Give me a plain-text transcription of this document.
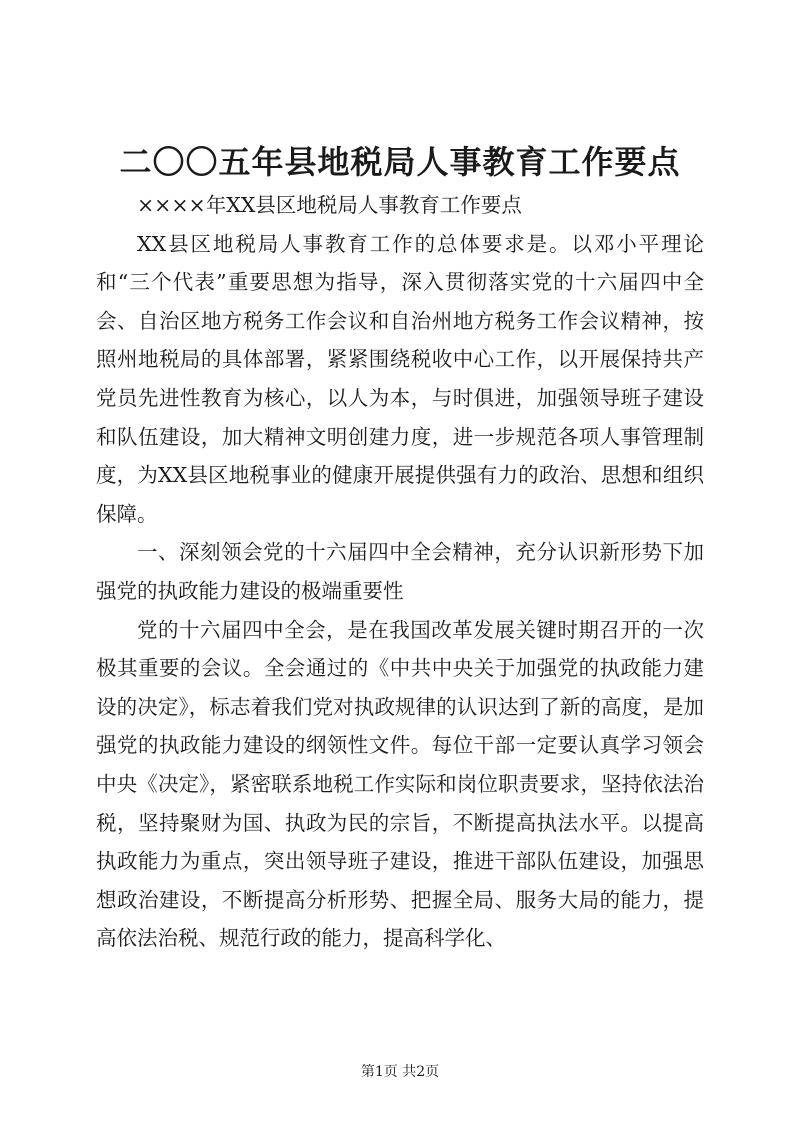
二〇〇五年县地税局人事教育工作要点

××××年XX县区地税局人事教育工作要点

XX县区地税局人事教育工作的总体要求是。以邓小平理论和“三个代表”重要思想为指导，深入贯彻落实党的十六届四中全会、自治区地方税务工作会议和自治州地方税务工作会议精神，按照州地税局的具体部署，紧紧围绕税收中心工作，以开展保持共产党员先进性教育为核心，以人为本，与时俱进，加强领导班子建设和队伍建设，加大精神文明创建力度，进一步规范各项人事管理制度，为XX县区地税事业的健康开展提供强有力的政治、思想和组织保障。

一、深刻领会党的十六届四中全会精神，充分认识新形势下加强党的执政能力建设的极端重要性

党的十六届四中全会，是在我国改革发展关键时期召开的一次极其重要的会议。全会通过的《中共中央关于加强党的执政能力建设的决定》，标志着我们党对执政规律的认识达到了新的高度，是加强党的执政能力建设的纲领性文件。每位干部一定要认真学习领会中央《决定》，紧密联系地税工作实际和岗位职责要求，坚持依法治税，坚持聚财为国、执政为民的宗旨，不断提高执法水平。以提高执政能力为重点，突出领导班子建设，推进干部队伍建设，加强思想政治建设，不断提高分析形势、把握全局、服务大局的能力，提高依法治税、规范行政的能力，提高科学化、

第1页 共2页
